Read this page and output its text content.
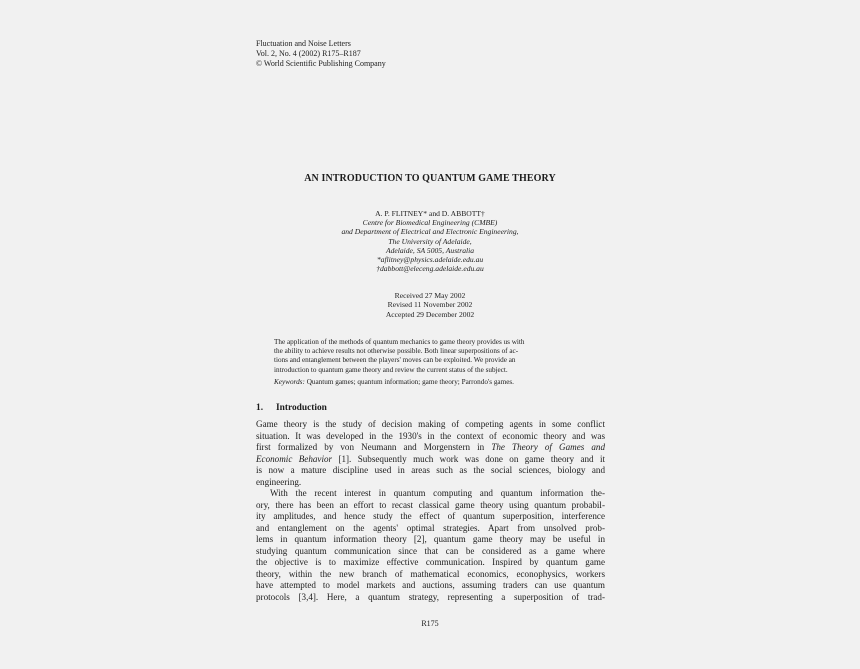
Fluctuation and Noise Letters
Vol. 2, No. 4 (2002) R175–R187
© World Scientific Publishing Company
AN INTRODUCTION TO QUANTUM GAME THEORY
A. P. FLITNEY* and D. ABBOTT†
Centre for Biomedical Engineering (CMBE)
and Department of Electrical and Electronic Engineering,
The University of Adelaide,
Adelaide, SA 5005, Australia
*aflitney@physics.adelaide.edu.au
†dabbott@eleceng.adelaide.edu.au
Received 27 May 2002
Revised 11 November 2002
Accepted 29 December 2002

The application of the methods of quantum mechanics to game theory provides us with

the ability to achieve results not otherwise possible. Both linear superpositions of ac-

tions and entanglement between the players' moves can be exploited. We provide an

introduction to quantum game theory and review the current status of the subject.

Keywords: Quantum games; quantum information; game theory; Parrondo's games.

1. Introduction
Game theory is the study of decision making of competing agents in some conflict
situation. It was developed in the 1930's in the context of economic theory and was
first formalized by von Neumann and Morgenstern in The Theory of Games and
Economic Behavior [1]. Subsequently much work was done on game theory and it
is now a mature discipline used in areas such as the social sciences, biology and
engineering.
With the recent interest in quantum computing and quantum information the-
ory, there has been an effort to recast classical game theory using quantum probabil-
ity amplitudes, and hence study the effect of quantum superposition, interference
and entanglement on the agents' optimal strategies. Apart from unsolved prob-
lems in quantum information theory [2], quantum game theory may be useful in
studying quantum communication since that can be considered as a game where
the objective is to maximize effective communication. Inspired by quantum game
theory, within the new branch of mathematical economics, econophysics, workers
have attempted to model markets and auctions, assuming traders can use quantum
protocols [3,4]. Here, a quantum strategy, representing a superposition of trad-
R175
